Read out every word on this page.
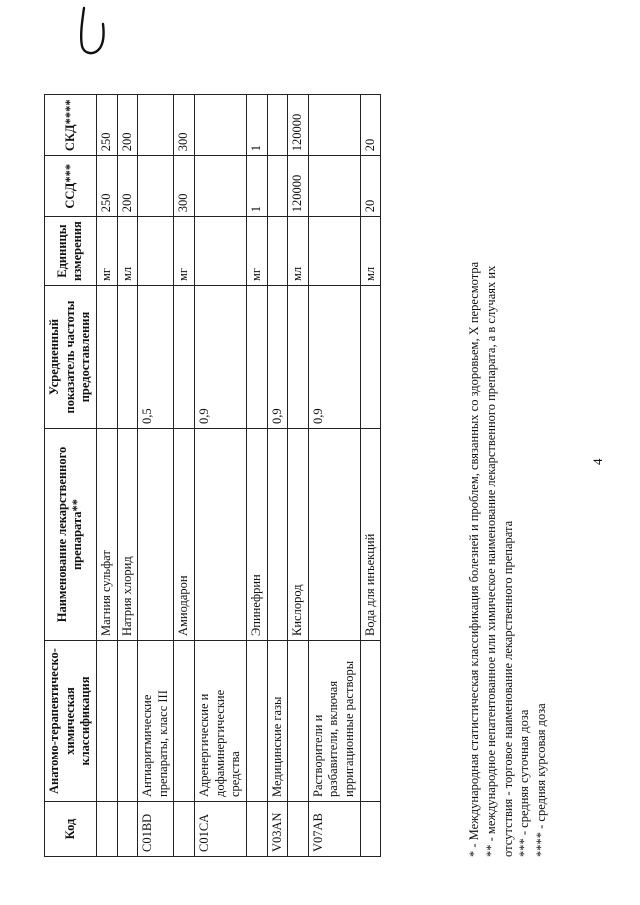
Код	Анатомо-терапевтическо-химическая классификация	Наименование лекарственного препарата**	Усредненный показатель частоты предоставления	Единицы измерения	ССД***	СКД****
		Магния сульфат		мг	250	250
		Натрия хлорид		мл	200	200
C01BD	Антиаритмические препараты, класс III		0,5			
		Амиодарон		мг	300	300
C01CA	Адренергические и дофаминергические средства		0,9			
		Эпинефрин		мг	1	1
V03AN	Медицинские газы		0,9			
		Кислород		мл	120000	120000
V07AB	Растворители и разбавители, включая ирригационные растворы		0,9			
		Вода для инъекций		мл	20	20
* - Международная статистическая классификация болезней и проблем, связанных со здоровьем, X пересмотра ** - международное непатентованное или химическое наименование лекарственного препарата, а в случаях их отсутствия - торговое наименование лекарственного препарата *** - средняя суточная доза **** - средняя курсовая доза
4
